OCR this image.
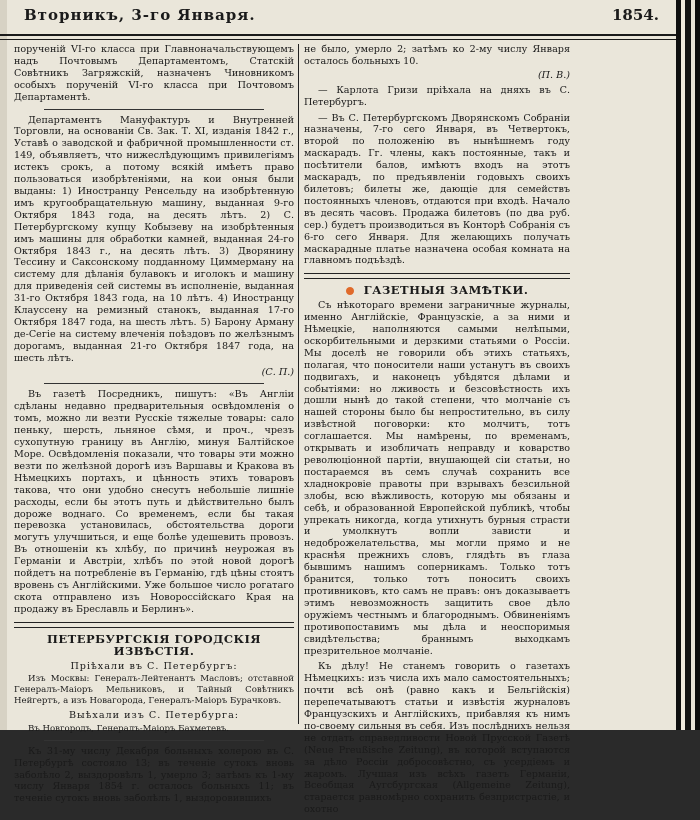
Вторникъ, 3-го Января.	1854.

порученій VI-го класса при Главноначальствующемъ надъ Почтовымъ Департаментомъ, Статскій Совѣтникъ Загряжскій, назначенъ Чиновникомъ особыхъ порученій VI-го класса при Почтовомъ Департаментѣ.

Департаментъ Мануфактуръ и Внутренней Торговли, на основаніи Св. Зак. Т. XI, изданія 1842 г., Уставѣ о заводской и фабричной промышленности ст. 149, объявляетъ, что нижеслѣдующимъ привилегіямъ истекъ срокъ, а потому всякій имѣетъ право пользоваться изобрѣтеніями, на кои оныя были выданы: 1) Иностранцу Ренсельду на изобрѣтенную имъ кругообращательную машину, выданная 9-го Октября 1843 года, на десять лѣтъ. 2) С. Петербургскому купцу Кобызеву на изобрѣтенныя имъ машины для обработки камней, выданная 24-го Октября 1843 г., на десять лѣтъ. 3) Дворянину Тессину и Саксонскому подданному Циммерману на систему для дѣланія булавокъ и иголокъ и машину для приведенія сей системы въ исполненіе, выданная 31-го Октября 1843 года, на 10 лѣтъ. 4) Иностранцу Клауссену на ремизный станокъ, выданная 17-го Октября 1847 года, на шесть лѣтъ. 5) Барону Арману де-Сегіе на систему влеченія поѣздовъ по желѣзнымъ дорогамъ, выданная 21-го Октября 1847 года, на шесть лѣтъ.

(С. П.)

Въ газетѣ Посредникъ, пишутъ: «Въ Англіи сдѣланы недавно предварительныя освѣдомленія о томъ, можно ли везти Русскіе тяжелые товары: сало пеньку, шерсть, льняное сѣмя, и проч., чрезъ сухопутную границу въ Англію, минуя Балтійское Море. Освѣдомленія показали, что товары эти можно везти по желѣзной дорогѣ изъ Варшавы и Кракова въ Нѣмецкихъ портахъ, и цѣнность этихъ товаровъ такова, что они удобно снесутъ небольшіе лишніе расходы, если бы этотъ путь и дѣйствительно былъ дороже воднаго. Со временемъ, если бы такая перевозка установилась, обстоятельства дороги могутъ улучшиться, и еще болѣе удешевить провозъ. Въ отношеніи къ хлѣбу, по причинѣ неурожая въ Германіи и Австріи, хлѣбъ по этой новой дорогѣ пойдетъ на потребленіе въ Германію, гдѣ цѣны стоятъ вровень съ Англійскими. Уже большое число рогатаго скота отправлено изъ Новороссійскаго Края на продажу въ Бреславль и Берлинъ».

ПЕТЕРБУРГСКІЯ ГОРОДСКІЯ ИЗВѢСТІЯ.
Пріѣхали въ С. Петербургъ:

Изъ Москвы: Генералъ-Лейтенантъ Масловъ; отставной Генералъ-Маіоръ Мельниковъ, и Тайный Совѣтникъ Нейгертъ, а изъ Новагорода, Генералъ-Маіоръ Бурачковъ.

Выѣхали изъ С. Петербурга:

Въ Новгородъ, Генералъ-Маіоръ Бахметевъ.

Къ 31-му числу Декабря больныхъ холерою въ С. Петербургѣ состояло 13; въ теченіе сутокъ вновь заболѣло 2, выздоровѣлъ 1, умерло 3; затѣмъ къ 1-му числу Января 1854 г. осталось больныхъ 11; въ теченіе сутокъ вновь заболѣлъ 1, выздоровившихъ

не было, умерло 2; затѣмъ ко 2-му числу Января осталось больныхъ 10.

(П. В.)

— Карлота Гризи пріѣхала на дняхъ въ С. Петербургъ.

— Въ С. Петербургскомъ Дворянскомъ Собраніи назначены, 7-го сего Января, въ Четвертокъ, второй по положенію въ нынѣшнемъ году маскарадъ. Гг. члены, какъ постоянные, такъ и посѣтители балов, имѣютъ входъ на этотъ маскарадъ, по предъявленіи годовыхъ своихъ билетовъ; билеты же, дающіе для семействъ постоянныхъ членовъ, отдаются при входѣ. Начало въ десять часовъ. Продажа билетовъ (по два руб. сер.) будетъ производиться въ Конторѣ Собранія съ 6-го сего Января. Для желающихъ получать маскарадные платье назначена особая комната на главномъ подъѣздѣ.

ГАЗЕТНЫЯ ЗАМѢТКИ.

Съ нѣкотораго времени заграничные журналы, именно Англійскіе, Французскіе, а за ними и Нѣмецкіе, наполняются самыми нелѣпыми, оскорбительными и дерзкими статьями о Россіи. Мы доселѣ не говорили объ этихъ статьяхъ, полагая, что поносители наши устанутъ въ своихъ подвигахъ, и наконецъ убѣдятся дѣлами и событіями: но лживость и безсовѣстность ихъ дошли нынѣ до такой степени, что молчаніе съ нашей стороны было бы непростительно, въ силу извѣстной поговорки: кто молчитъ, тотъ соглашается. Мы намѣрены, по временамъ, открывать и изобличать неправду и коварство революціонной партіи, внушающей сіи статьи, но постараемся въ семъ случаѣ сохранить все хладнокровіе правоты при взрывахъ безсильной злобы, всю вѣжливость, которую мы обязаны и себѣ, и образованной Европейской публикѣ, чтобы упрекать никогда, когда утихнутъ бурныя страсти и умолкнутъ вопли зависти и недоброжелательства, мы могли прямо и не краснѣя прежнихъ словъ, глядѣть въ глаза бывшимъ нашимъ соперникамъ. Только тотъ бранится, только тотъ поноситъ своихъ противниковъ, кто самъ не правъ: онъ доказываетъ этимъ невозможность защитить свое дѣло оружіемъ честнымъ и благороднымъ. Обвиненіямъ противопоставимъ мы дѣла и неоспоримыя свидѣтельства; браннымъ выходкамъ презрительное молчаніе.

Къ дѣлу! Не станемъ говорить о газетахъ Нѣмецкихъ: изъ числа ихъ мало самостоятельныхъ; почти всѣ онѣ (равно какъ и Бельгійскія) перепечатываютъ статьи и извѣстія журналовъ Французскихъ и Англійскихъ, прибавляя къ нимъ по-своему сильныя въ себя. Изъ послѣднихъ нельзя не отдать справедливости Новой Прусской Газетѣ (Neue Preußische Zeitung), въ которой вступаются за дѣло Россіи добросовѣстно, съ усердіемъ и жаромъ. Лучшая изъ всѣхъ газетъ Германіи, Всеобщая Аугсбургская (Allgemeine Zeitung), старается равномѣрно сохранить безпристрастіе, и охотно
